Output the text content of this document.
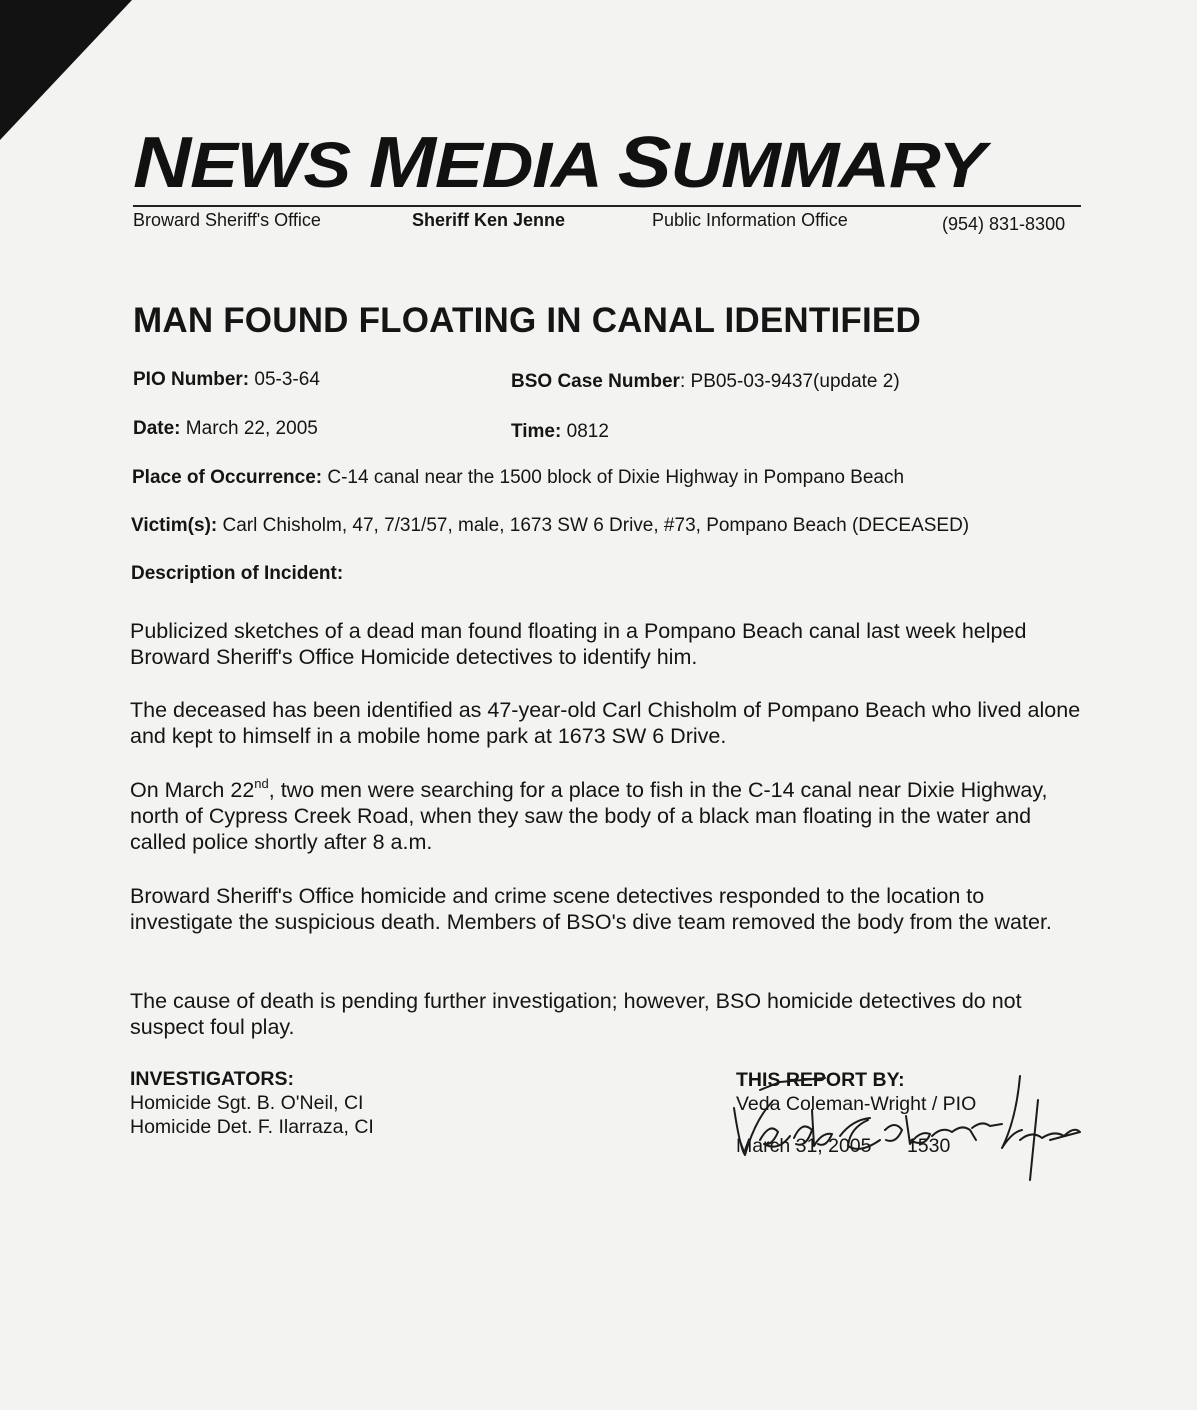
NEWS MEDIA SUMMARY
Broward Sheriff's Office	Sheriff Ken Jenne	Public Information Office	(954) 831-8300
MAN FOUND FLOATING IN CANAL IDENTIFIED
PIO Number: 05-3-64	BSO Case Number: PB05-03-9437(update 2)
Date: March 22, 2005	Time: 0812
Place of Occurrence: C-14 canal near the 1500 block of Dixie Highway in Pompano Beach
Victim(s): Carl Chisholm, 47, 7/31/57, male, 1673 SW 6 Drive, #73, Pompano Beach (DECEASED)
Description of Incident:
Publicized sketches of a dead man found floating in a Pompano Beach canal last week helped Broward Sheriff's Office Homicide detectives to identify him.
The deceased has been identified as 47-year-old Carl Chisholm of Pompano Beach who lived alone and kept to himself in a mobile home park at 1673 SW 6 Drive.
On March 22nd, two men were searching for a place to fish in the C-14 canal near Dixie Highway, north of Cypress Creek Road, when they saw the body of a black man floating in the water and called police shortly after 8 a.m.
Broward Sheriff's Office homicide and crime scene detectives responded to the location to investigate the suspicious death. Members of BSO's dive team removed the body from the water.
The cause of death is pending further investigation; however, BSO homicide detectives do not suspect foul play.
INVESTIGATORS:
Homicide Sgt. B. O'Neil, CI
Homicide Det. F. Ilarraza, CI
THIS REPORT BY:
Veda Coleman-Wright / PIO
March 31, 2005 1530
